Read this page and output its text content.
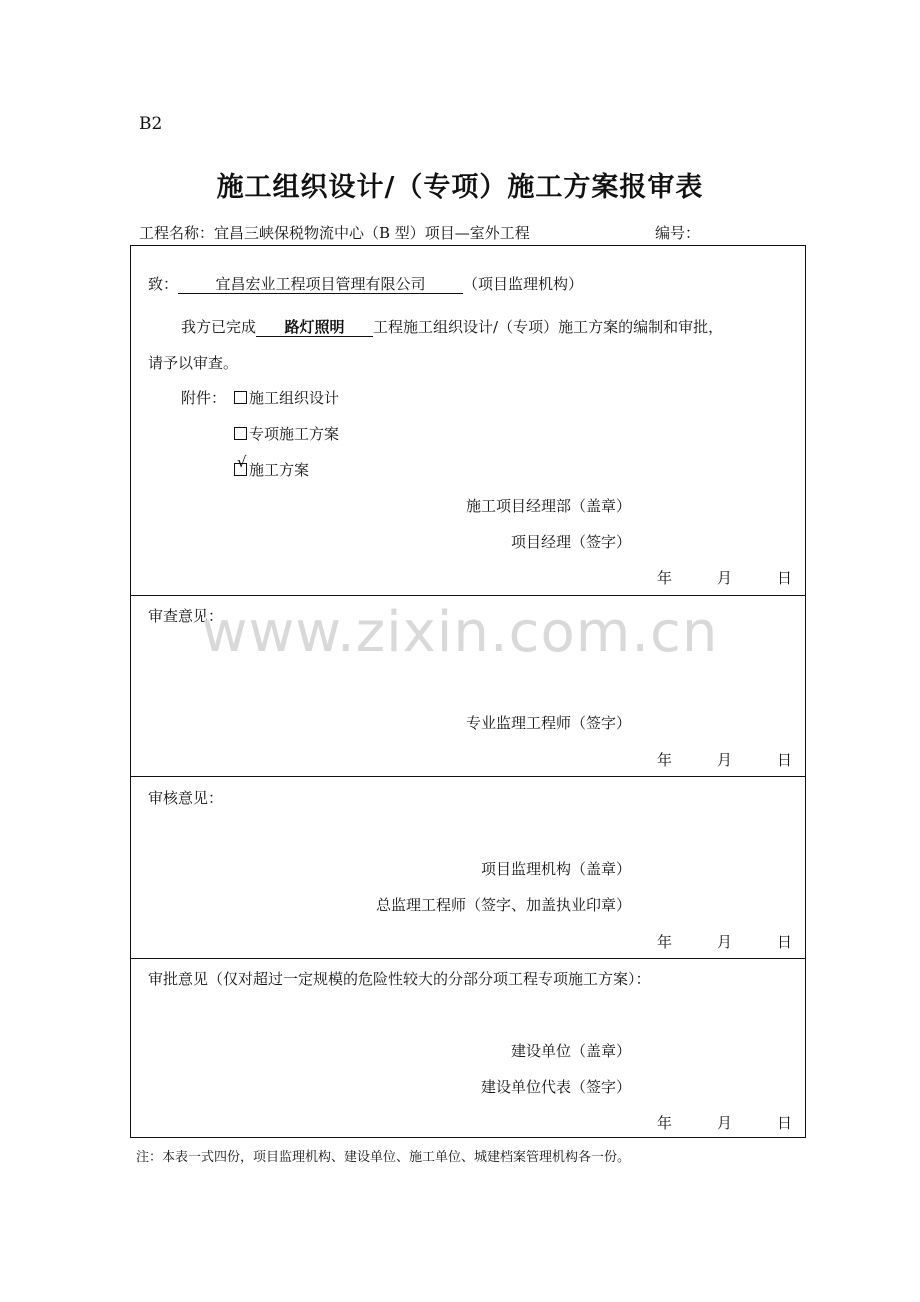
B2
施工组织设计/（专项）施工方案报审表
工程名称：宜昌三峡保税物流中心（B 型）项目—室外工程	编号：
致： 宜昌宏业工程项目管理有限公司	（项目监理机构）
我方已完成 路灯照明 工程施工组织设计/（专项）施工方案的编制和审批，
请予以审查。
附件：	施工组织设计
专项施工方案
√ 施工方案
施工项目经理部（盖章）
项目经理（签字）
年	月	日
审查意见：
专业监理工程师（签字）
年	月	日
审核意见：
项目监理机构（盖章）
总监理工程师（签字、加盖执业印章）
年	月	日
审批意见（仅对超过一定规模的危险性较大的分部分项工程专项施工方案）：
建设单位（盖章）
建设单位代表（签字）
年	月	日
www.zixin.com.cn
注：本表一式四份，项目监理机构、建设单位、施工单位、城建档案管理机构各一份。
